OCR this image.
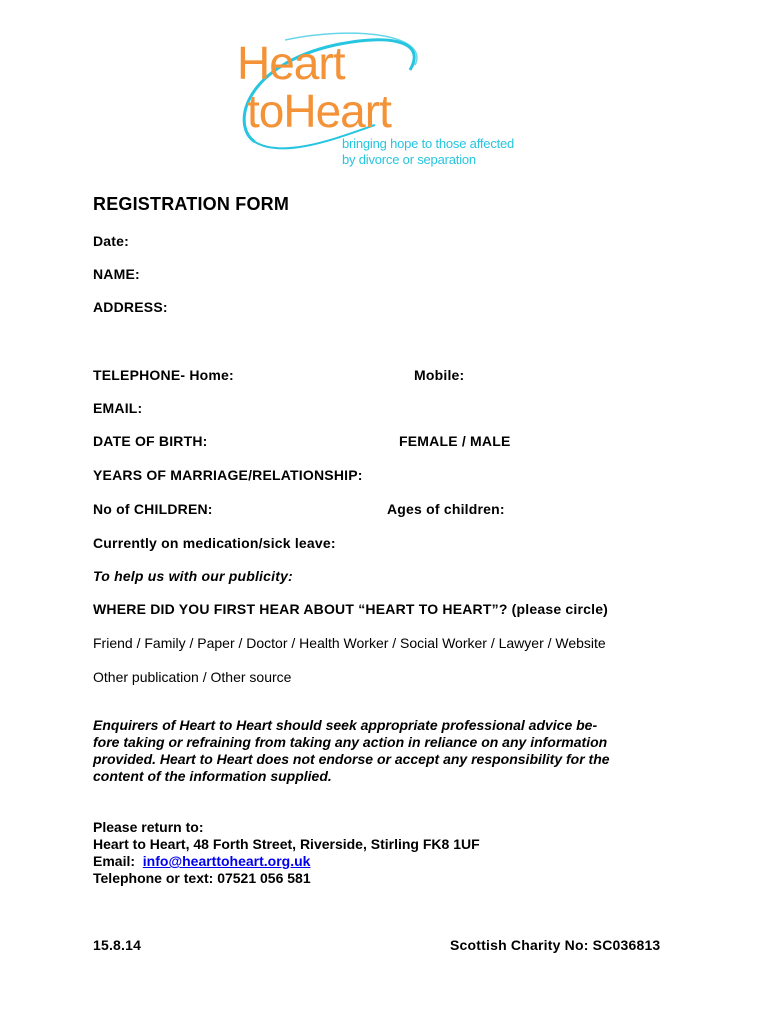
Heart
toHeart
bringing hope to those affected
by divorce or separation
REGISTRATION FORM
Date:
NAME:
ADDRESS:
TELEPHONE- Home:	Mobile:
EMAIL:
DATE OF BIRTH:	FEMALE / MALE
YEARS OF MARRIAGE/RELATIONSHIP:
No of CHILDREN:	Ages of children:
Currently on medication/sick leave:
To help us with our publicity:
WHERE DID YOU FIRST HEAR ABOUT “HEART TO HEART”? (please circle)
Friend / Family / Paper / Doctor / Health Worker / Social Worker / Lawyer / Website
Other publication / Other source
Enquirers of Heart to Heart should seek appropriate professional advice be-
fore taking or refraining from taking any action in reliance on any information
provided. Heart to Heart does not endorse or accept any responsibility for the
content of the information supplied.
Please return to:
Heart to Heart, 48 Forth Street, Riverside, Stirling FK8 1UF
Email: info@hearttoheart.org.uk
Telephone or text: 07521 056 581
15.8.14	Scottish Charity No: SC036813
